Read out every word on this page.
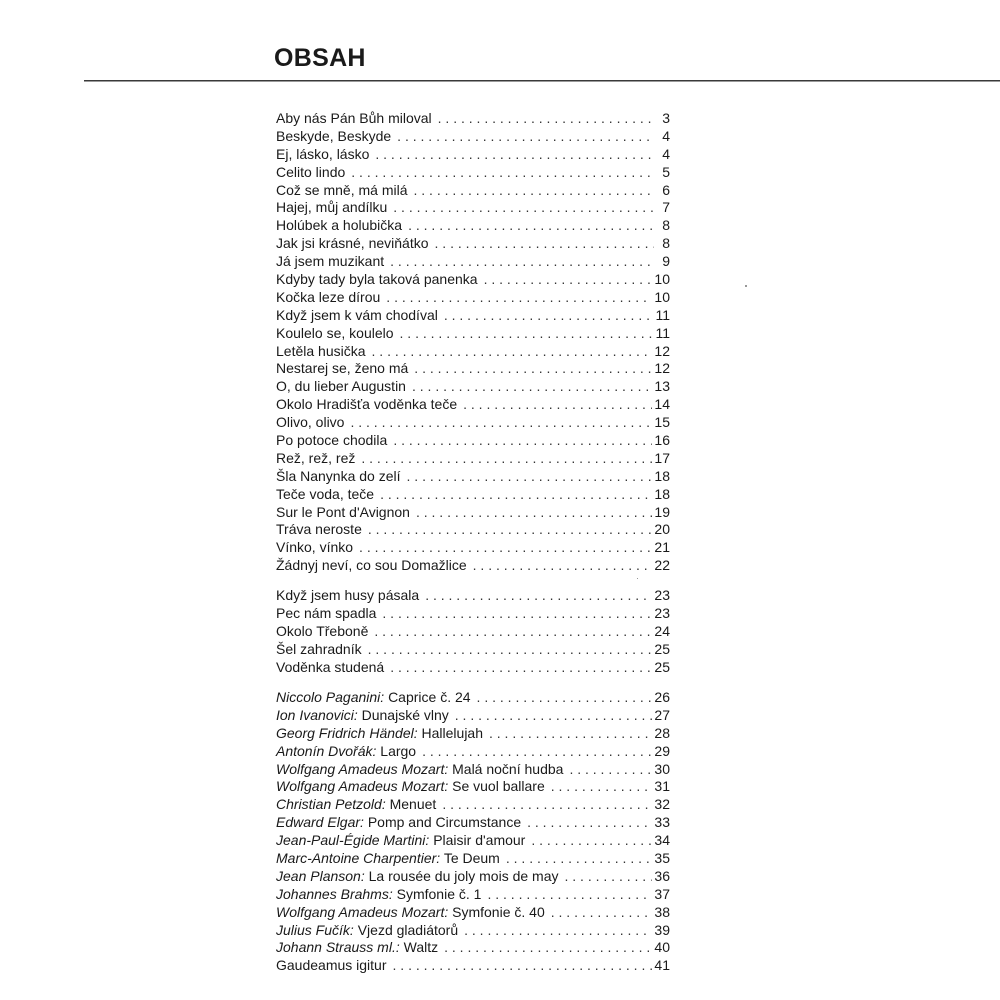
OBSAH
Aby nás Pán Bůh miloval . . .	3
Beskyde, Beskyde . . .	4
Ej, lásko, lásko . . .	4
Celito lindo . . .	5
Což se mně, má milá . . .	6
Hajej, můj andílku . . .	7
Holúbek a holubička . . .	8
Jak jsi krásné, neviňátko . . .	8
Já jsem muzikant . . .	9
Kdyby tady byla taková panenka . . .	10
Kočka leze dírou . . .	10
Když jsem k vám chodíval . . .	11
Koulelo se, koulelo . . .	11
Letěla husička . . .	12
Nestarej se, ženo má . . .	12
O, du lieber Augustin . . .	13
Okolo Hradišťa voděnka teče . . .	14
Olivo, olivo . . .	15
Po potoce chodila . . .	16
Rež, rež, rež . . .	17
Šla Nanynka do zelí . . .	18
Teče voda, teče . . .	18
Sur le Pont d'Avignon . . .	19
Tráva neroste . . .	20
Vínko, vínko . . .	21
Žádnyj neví, co sou Domažlice . . .	22
Když jsem husy pásala . . .	23
Pec nám spadla . . .	23
Okolo Třeboně . . .	24
Šel zahradník . . .	25
Voděnka studená . . .	25
Niccolo Paganini: Caprice č. 24 . . .	26
Ion Ivanovici: Dunajské vlny . . .	27
Georg Fridrich Händel: Hallelujah . . .	28
Antonín Dvořák: Largo . . .	29
Wolfgang Amadeus Mozart: Malá noční hudba . . .	30
Wolfgang Amadeus Mozart: Se vuol ballare . . .	31
Christian Petzold: Menuet . . .	32
Edward Elgar: Pomp and Circumstance . . .	33
Jean-Paul-Égide Martini: Plaisir d'amour . . .	34
Marc-Antoine Charpentier: Te Deum . . .	35
Jean Planson: La rousée du joly mois de may . . .	36
Johannes Brahms: Symfonie č. 1 . . .	37
Wolfgang Amadeus Mozart: Symfonie č. 40 . . .	38
Julius Fučík: Vjezd gladiátorů . . .	39
Johann Strauss ml.: Waltz . . .	40
Gaudeamus igitur . . .	41
